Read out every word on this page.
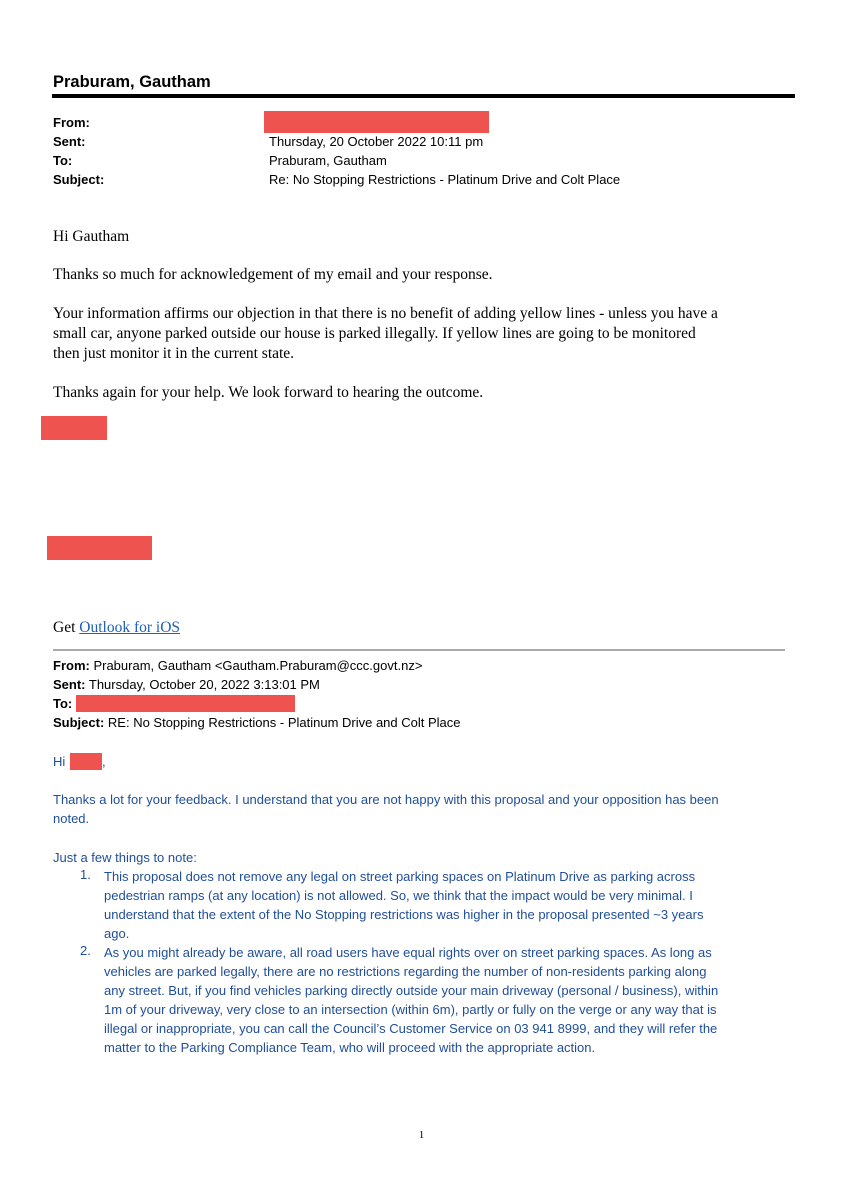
Praburam, Gautham
From:
Sent:	Thursday, 20 October 2022 10:11 pm
To:	Praburam, Gautham
Subject:	Re: No Stopping Restrictions - Platinum Drive and Colt Place
Hi Gautham
Thanks so much for acknowledgement of my email and your response.
Your information affirms our objection in that there is no benefit of adding yellow lines - unless you have a
small car, anyone parked outside our house is parked illegally. If yellow lines are going to be monitored
then just monitor it in the current state.
Thanks again for your help. We look forward to hearing the outcome.
Get Outlook for iOS
From: Praburam, Gautham <Gautham.Praburam@ccc.govt.nz>
Sent: Thursday, October 20, 2022 3:13:01 PM
To:
Subject: RE: No Stopping Restrictions - Platinum Drive and Colt Place
Hi	,
Thanks a lot for your feedback. I understand that you are not happy with this proposal and your opposition has been
noted.
Just a few things to note:
1. This proposal does not remove any legal on street parking spaces on Platinum Drive as parking across
pedestrian ramps (at any location) is not allowed. So, we think that the impact would be very minimal. I
understand that the extent of the No Stopping restrictions was higher in the proposal presented ~3 years
ago.
2. As you might already be aware, all road users have equal rights over on street parking spaces. As long as
vehicles are parked legally, there are no restrictions regarding the number of non-residents parking along
any street. But, if you find vehicles parking directly outside your main driveway (personal / business), within
1m of your driveway, very close to an intersection (within 6m), partly or fully on the verge or any way that is
illegal or inappropriate, you can call the Council’s Customer Service on 03 941 8999, and they will refer the
matter to the Parking Compliance Team, who will proceed with the appropriate action.
1
